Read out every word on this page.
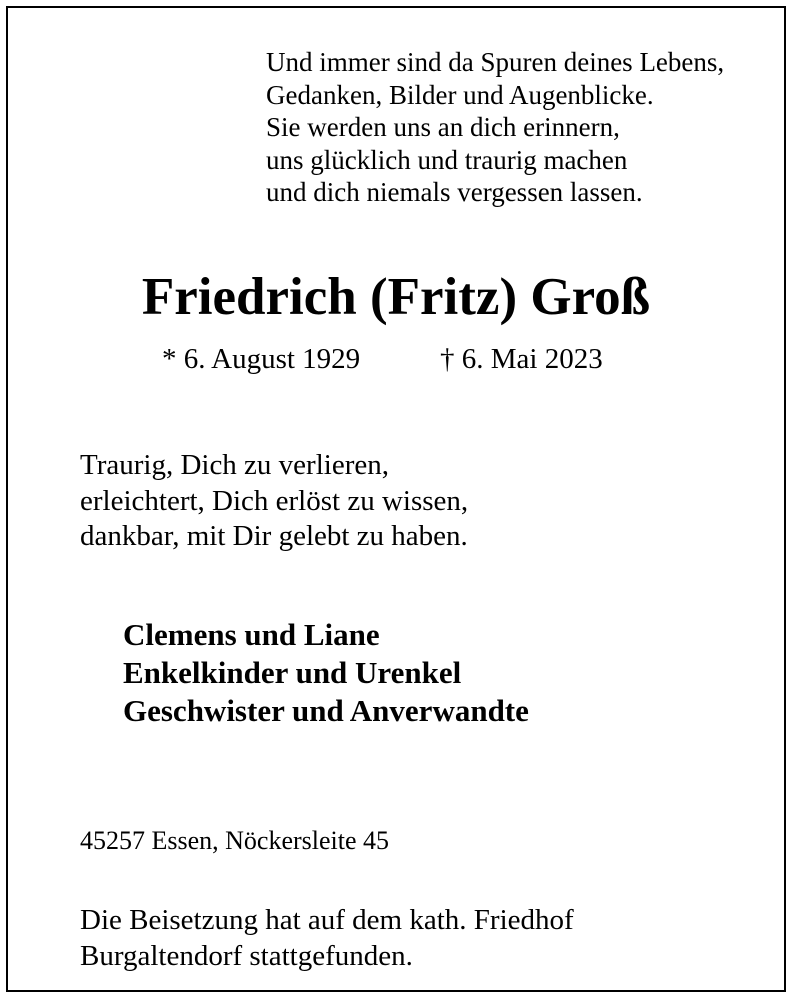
Und immer sind da Spuren deines Lebens,
Gedanken, Bilder und Augenblicke.
Sie werden uns an dich erinnern,
uns glücklich und traurig machen
und dich niemals vergessen lassen.

Friedrich (Fritz) Groß
* 6. August 1929	† 6. Mai 2023

Traurig, Dich zu verlieren,
erleichtert, Dich erlöst zu wissen,
dankbar, mit Dir gelebt zu haben.

Clemens und Liane
Enkelkinder und Urenkel
Geschwister und Anverwandte

45257 Essen, Nöckersleite 45

Die Beisetzung hat auf dem kath. Friedhof
Burgaltendorf stattgefunden.
